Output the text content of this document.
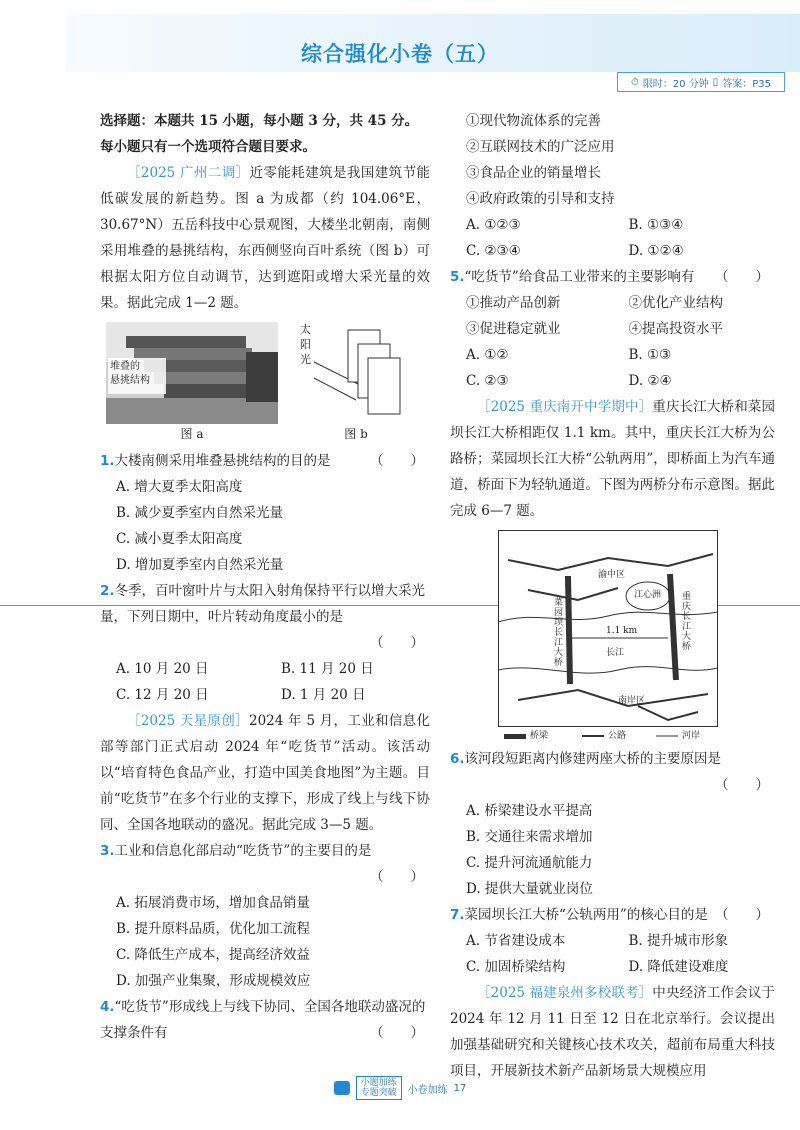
综合强化小卷（五）
⏱ 限时：20 分钟 ▯ 答案：P35

选择题：本题共 15 小题，每小题 3 分，共 45 分。每小题只有一个选项符合题目要求。

［2025 广州二调］近零能耗建筑是我国建筑节能低碳发展的新趋势。图 a 为成都（约 104.06°E，30.67°N）五岳科技中心景观图，大楼坐北朝南，南侧采用堆叠的悬挑结构，东西侧竖向百叶系统（图 b）可根据太阳方位自动调节，达到遮阳或增大采光量的效果。据此完成 1—2 题。

堆叠的
悬挑结构
图 a
太
阳
光
图 b
1.大楼南侧采用堆叠悬挑结构的目的是	（　　）
A. 增大夏季太阳高度
B. 减少夏季室内自然采光量
C. 减小夏季太阳高度
D. 增加夏季室内自然采光量
2.冬季，百叶窗叶片与太阳入射角保持平行以增大采光量，下列日期中，叶片转动角度最小的是
（　　）
A. 10 月 20 日	B. 11 月 20 日
C. 12 月 20 日	D. 1 月 20 日

［2025 天星原创］2024 年 5 月，工业和信息化部等部门正式启动 2024 年“吃货节”活动。该活动以“培育特色食品产业，打造中国美食地图”为主题。目前“吃货节”在多个行业的支撑下，形成了线上与线下协同、全国各地联动的盛况。据此完成 3—5 题。

3.工业和信息化部启动“吃货节”的主要目的是
（　　）
A. 拓展消费市场，增加食品销量
B. 提升原料品质，优化加工流程
C. 降低生产成本，提高经济效益
D. 加强产业集聚，形成规模效应
4.“吃货节”形成线上与线下协同、全国各地联动盛况的支撑条件有	（　　）
①现代物流体系的完善
②互联网技术的广泛应用
③食品企业的销量增长
④政府政策的引导和支持
A. ①②③	B. ①③④
C. ②③④	D. ①②④
5.“吃货节”给食品工业带来的主要影响有 （　　）
①推动产品创新	②优化产业结构
③促进稳定就业	④提高投资水平
A. ①②	B. ①③
C. ②③	D. ②④

［2025 重庆南开中学期中］重庆长江大桥和菜园坝长江大桥相距仅 1.1 km。其中，重庆长江大桥为公路桥；菜园坝长江大桥“公轨两用”，即桥面上为汽车通道，桥面下为轻轨通道。下图为两桥分布示意图。据此完成 6—7 题。

渝中区
江心洲
菜园坝长江大桥
重庆长江大桥
1.1 km
长江
南岸区
桥梁	公路	河岸
6.该河段短距离内修建两座大桥的主要原因是
（　　）
A. 桥梁建设水平提高
B. 交通往来需求增加
C. 提升河流通航能力
D. 提供大量就业岗位
7.菜园坝长江大桥“公轨两用”的核心目的是 （　　）
A. 节省建设成本	B. 提升城市形象
C. 加固桥梁结构	D. 降低建设难度

［2025 福建泉州多校联考］中央经济工作会议于 2024 年 12 月 11 日至 12 日在北京举行。会议提出加强基础研究和关键核心技术攻关，超前布局重大科技项目，开展新技术新产品新场景大规模应用

小题加练
专题突破	小卷加练 17
